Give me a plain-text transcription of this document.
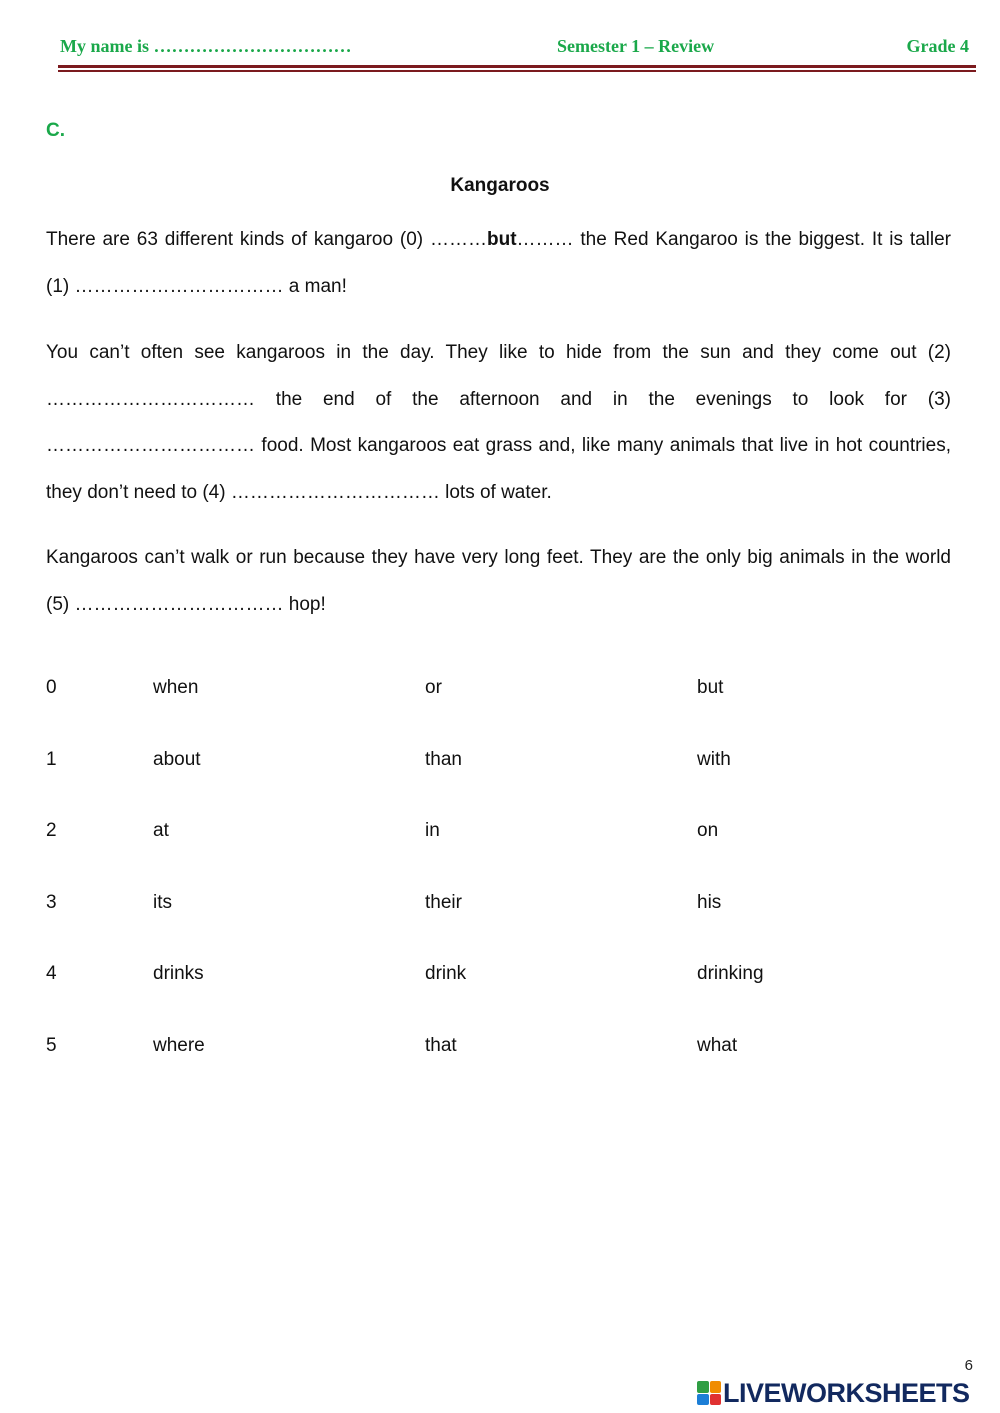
My name is ……………………………	Semester 1 – Review	Grade 4
C.
Kangaroos

There are 63 different kinds of kangaroo (0) ………but……… the Red Kangaroo is the biggest. It is taller (1) …………………………… a man!

You can’t often see kangaroos in the day. They like to hide from the sun and they come out (2) …………………………… the end of the afternoon and in the evenings to look for (3) …………………………… food. Most kangaroos eat grass and, like many animals that live in hot countries, they don’t need to (4) …………………………… lots of water.

Kangaroos can’t walk or run because they have very long feet. They are the only big animals in the world (5) …………………………… hop!

0	when	or	but
1	about	than	with
2	at	in	on
3	its	their	his
4	drinks	drink	drinking
5	where	that	what
6
LIVEWORKSHEETS
